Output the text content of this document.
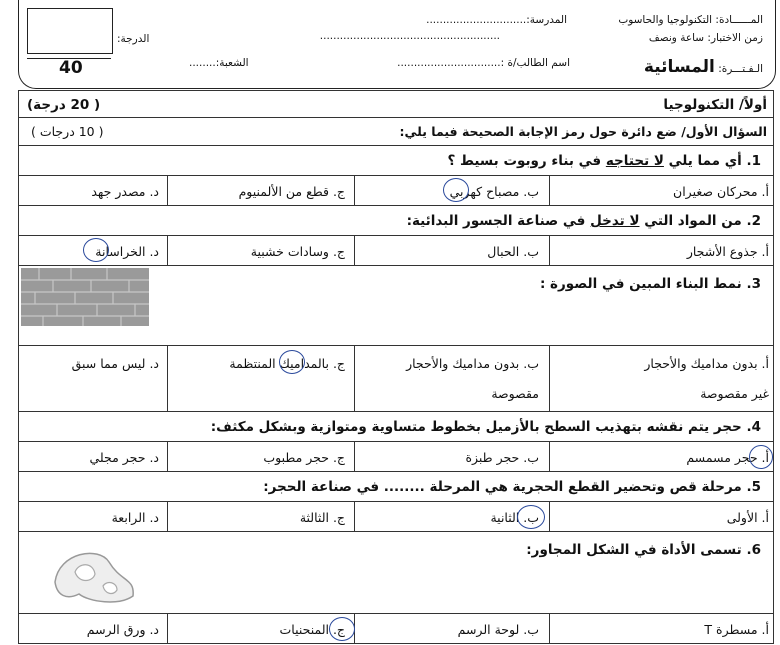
40
المــــــادة: التكنولوجيا والحاسوب
المدرسة:..............................
زمن الاختبار: ساعة ونصف
......................................................
الدرجة:
الـفـتـــرة: المسائية
اسم الطالب/ة :...............................
الشعبة:........
أولاً/ التكنولوجيا
( 20 درجة)
السؤال الأول/ ضع دائرة حول رمز الإجابة الصحيحة فيما يلي:
( 10 درجات )
1. أي مما يلي لا تحتاجه في بناء روبوت بسيط ؟
أ. محركان صغيران
ب. مصباح كهربي
ج. قطع من الألمنيوم
د. مصدر جهد
2. من المواد التي لا تدخل في صناعة الجسور البدائية:
أ. جذوع الأشجار
ب. الحبال
ج. وسادات خشبية
د. الخراسانة
3. نمط البناء المبين في الصورة :
أ. بدون مداميك والأحجار
غير مقصوصة
ب. بدون مداميك والأحجار
مقصوصة
ج. بالمداميك المنتظمة
د. ليس مما سبق
4. حجر يتم نقشه بتهذيب السطح بالأزميل بخطوط متساوية ومتوازية وبشكل مكثف:
أ. حجر مسمسم
ب. حجر طبزة
ج. حجر مطبوب
د. حجر مجلي
5. مرحلة قص وتحضير القطع الحجرية هي المرحلة ........ في صناعة الحجر:
أ. الأولى
ب. الثانية
ج. الثالثة
د. الرابعة
6. تسمى الأداة في الشكل المجاور:
أ. مسطرة T
ب. لوحة الرسم
ج. المنحنيات
د. ورق الرسم
